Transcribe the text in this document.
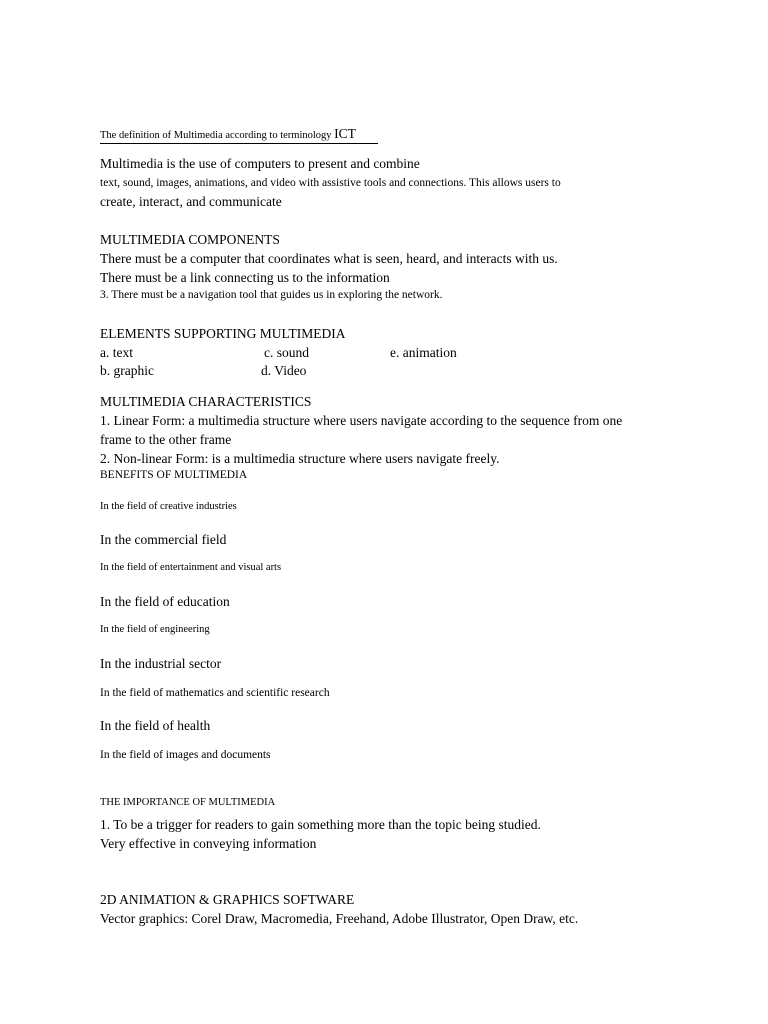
The definition of Multimedia according to terminology ICT
Multimedia is the use of computers to present and combine
text, sound, images, animations, and video with assistive tools and connections. This allows users to
create, interact, and communicate
MULTIMEDIA COMPONENTS
There must be a computer that coordinates what is seen, heard, and interacts with us.
There must be a link connecting us to the information
3. There must be a navigation tool that guides us in exploring the network.
ELEMENTS SUPPORTING MULTIMEDIA
a. text	c. sound	e. animation
b. graphic	d. Video
MULTIMEDIA CHARACTERISTICS
1. Linear Form: a multimedia structure where users navigate according to the sequence from one
frame to the other frame
2. Non-linear Form: is a multimedia structure where users navigate freely.
BENEFITS OF MULTIMEDIA
In the field of creative industries
In the commercial field
In the field of entertainment and visual arts
In the field of education
In the field of engineering
In the industrial sector
In the field of mathematics and scientific research
In the field of health
In the field of images and documents
THE IMPORTANCE OF MULTIMEDIA
1. To be a trigger for readers to gain something more than the topic being studied.
Very effective in conveying information
2D ANIMATION & GRAPHICS SOFTWARE
Vector graphics: Corel Draw, Macromedia, Freehand, Adobe Illustrator, Open Draw, etc.
